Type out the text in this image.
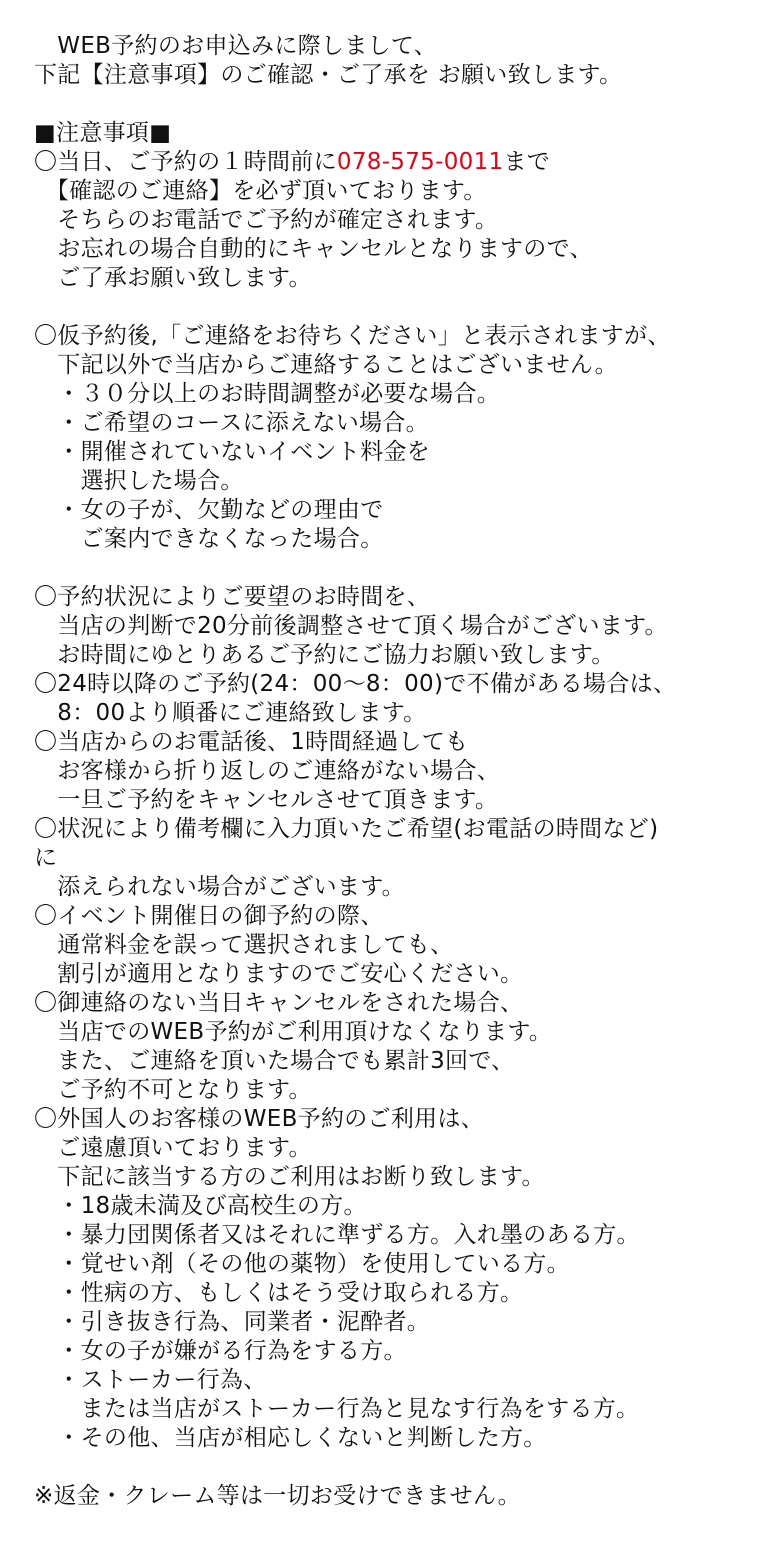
　WEB予約のお申込みに際しまして、
下記【注意事項】のご確認・ご了承を お願い致します。
■注意事項■
〇当日、ご予約の１時間前に078-575-0011まで
　【確認のご連絡】を必ず頂いております。
　そちらのお電話でご予約が確定されます。
　お忘れの場合自動的にキャンセルとなりますので、
　ご了承お願い致します。
〇仮予約後,「ご連絡をお待ちください」と表示されますが、
　下記以外で当店からご連絡することはございません。
　・３０分以上のお時間調整が必要な場合。
　・ご希望のコースに添えない場合。
　・開催されていないイベント料金を
　　選択した場合。
　・女の子が、欠勤などの理由で
　　ご案内できなくなった場合。
〇予約状況によりご要望のお時間を、
　当店の判断で20分前後調整させて頂く場合がございます。
　お時間にゆとりあるご予約にご協力お願い致します。
〇24時以降のご予約(24：00～8：00)で不備がある場合は、
　8：00より順番にご連絡致します。
〇当店からのお電話後、1時間経過しても
　お客様から折り返しのご連絡がない場合、
　一旦ご予約をキャンセルさせて頂きます。
〇状況により備考欄に入力頂いたご希望(お電話の時間など)
に
　添えられない場合がございます。
〇イベント開催日の御予約の際、
　通常料金を誤って選択されましても、
　割引が適用となりますのでご安心ください。
〇御連絡のない当日キャンセルをされた場合、
　当店でのWEB予約がご利用頂けなくなります。
　また、ご連絡を頂いた場合でも累計3回で、
　ご予約不可となります。
〇外国人のお客様のWEB予約のご利用は、
　ご遠慮頂いております。
　下記に該当する方のご利用はお断り致します。
　・18歳未満及び高校生の方。
　・暴力団関係者又はそれに準ずる方。入れ墨のある方。
　・覚せい剤（その他の薬物）を使用している方。
　・性病の方、もしくはそう受け取られる方。
　・引き抜き行為、同業者・泥酔者。
　・女の子が嫌がる行為をする方。
　・ストーカー行為、
　　または当店がストーカー行為と見なす行為をする方。
　・その他、当店が相応しくないと判断した方。
※返金・クレーム等は一切お受けできません。
